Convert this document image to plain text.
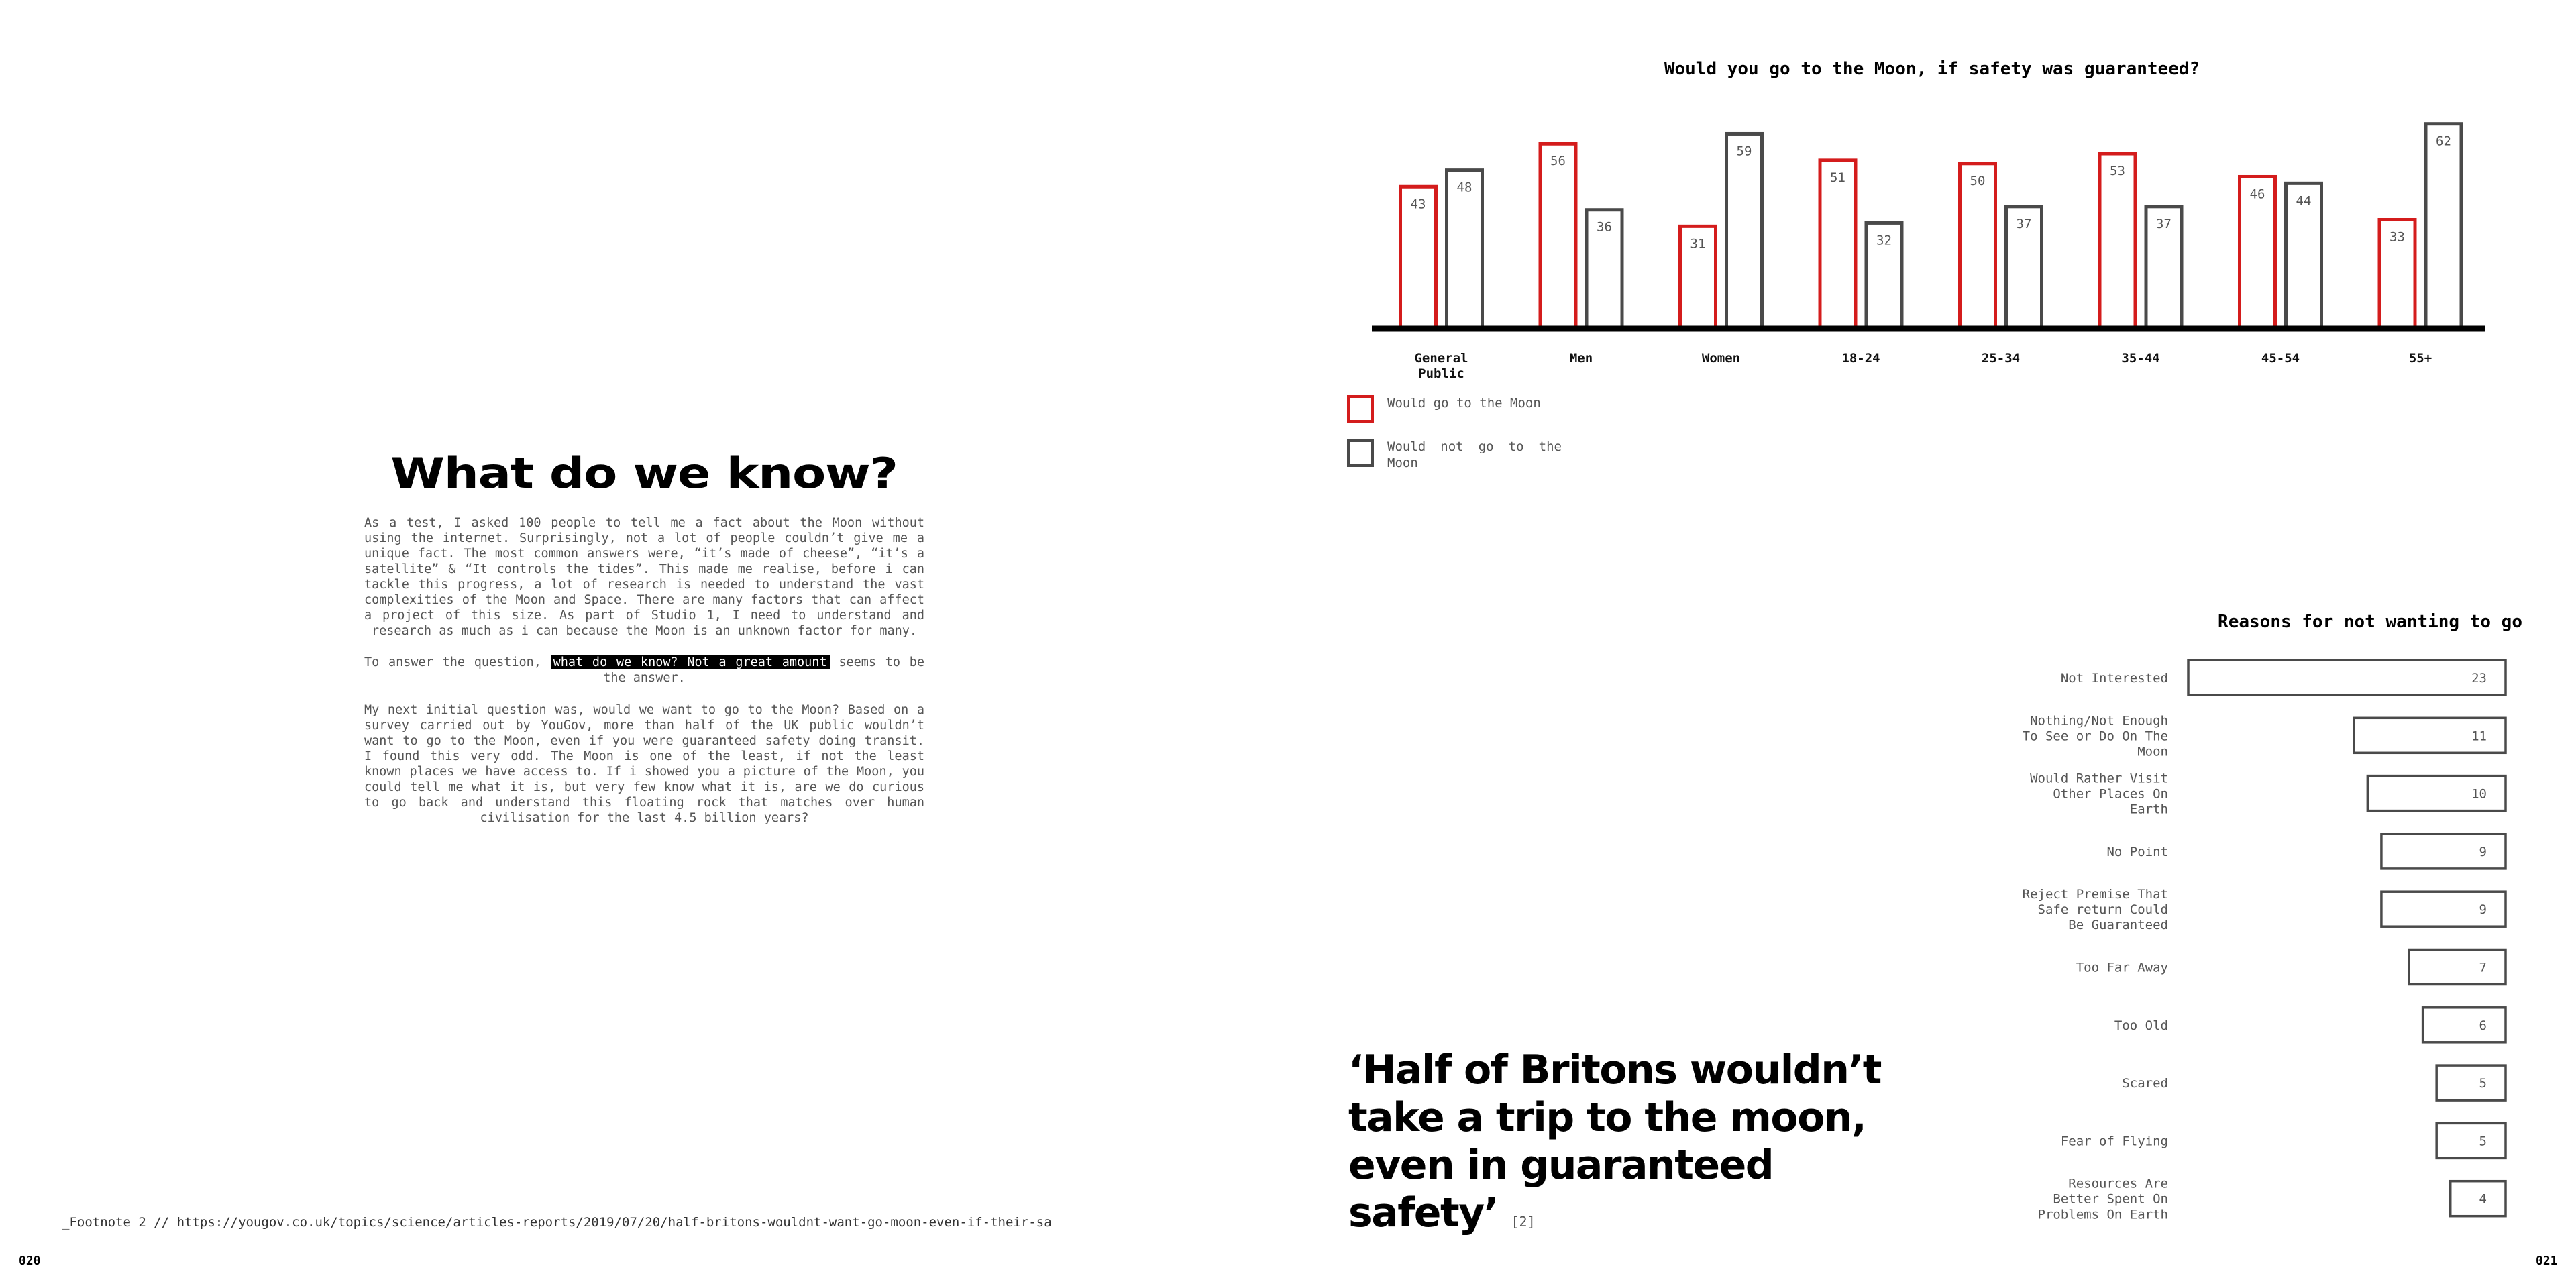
What do we know?

As a test, I asked 100 people to tell me a fact about the Moon without using the internet. Surprisingly, not a lot of people couldn’t give me a unique fact. The most common answers were, “it’s made of cheese”, “it’s a satellite” & “It controls the tides”. This made me realise, before i can tackle this progress, a lot of research is needed to understand the vast complexities of the Moon and Space. There are many factors that can affect a project of this size. As part of Studio 1, I need to understand and research as much as i can because the Moon is an unknown factor for many.

To answer the question, what do we know? Not a great amount seems to be the answer.

My next initial question was, would we want to go to the Moon? Based on a survey carried out by YouGov, more than half of the UK public wouldn’t want to go to the Moon, even if you were guaranteed safety doing transit. I found this very odd. The Moon is one of the least, if not the least known places we have access to. If i showed you a picture of the Moon, you could tell me what it is, but very few know what it is, are we do curious to go back and understand this floating rock that matches over human civilisation for the last 4.5 billion years?

_Footnote 2 // https://yougov.co.uk/topics/science/articles-reports/2019/07/20/half-britons-wouldnt-want-go-moon-even-if-their-sa
020
Would you go to the Moon, if safety was guaranteed?
43
48
General Public
56
36
Men
31
59
Women
51
32
18-24
50
37
25-34
53
37
35-44
46 44
45-54
33
62
55+
Would go to the Moon
Would not go to the Moon
Reasons for not wanting to go
23
Not Interested
11
Nothing/Not Enough To See or Do On The Moon
10
Would Rather Visit Other Places On Earth
9
No Point
9
Reject Premise That Safe return Could Be Guaranteed
7
Too Far Away
6
Too Old
5
Scared
5
Fear of Flying
4
Resources Are Better Spent On Problems On Earth
‘Half of Britons wouldn’t take a trip to the moon, even in guaranteed safety’ [2]
021
